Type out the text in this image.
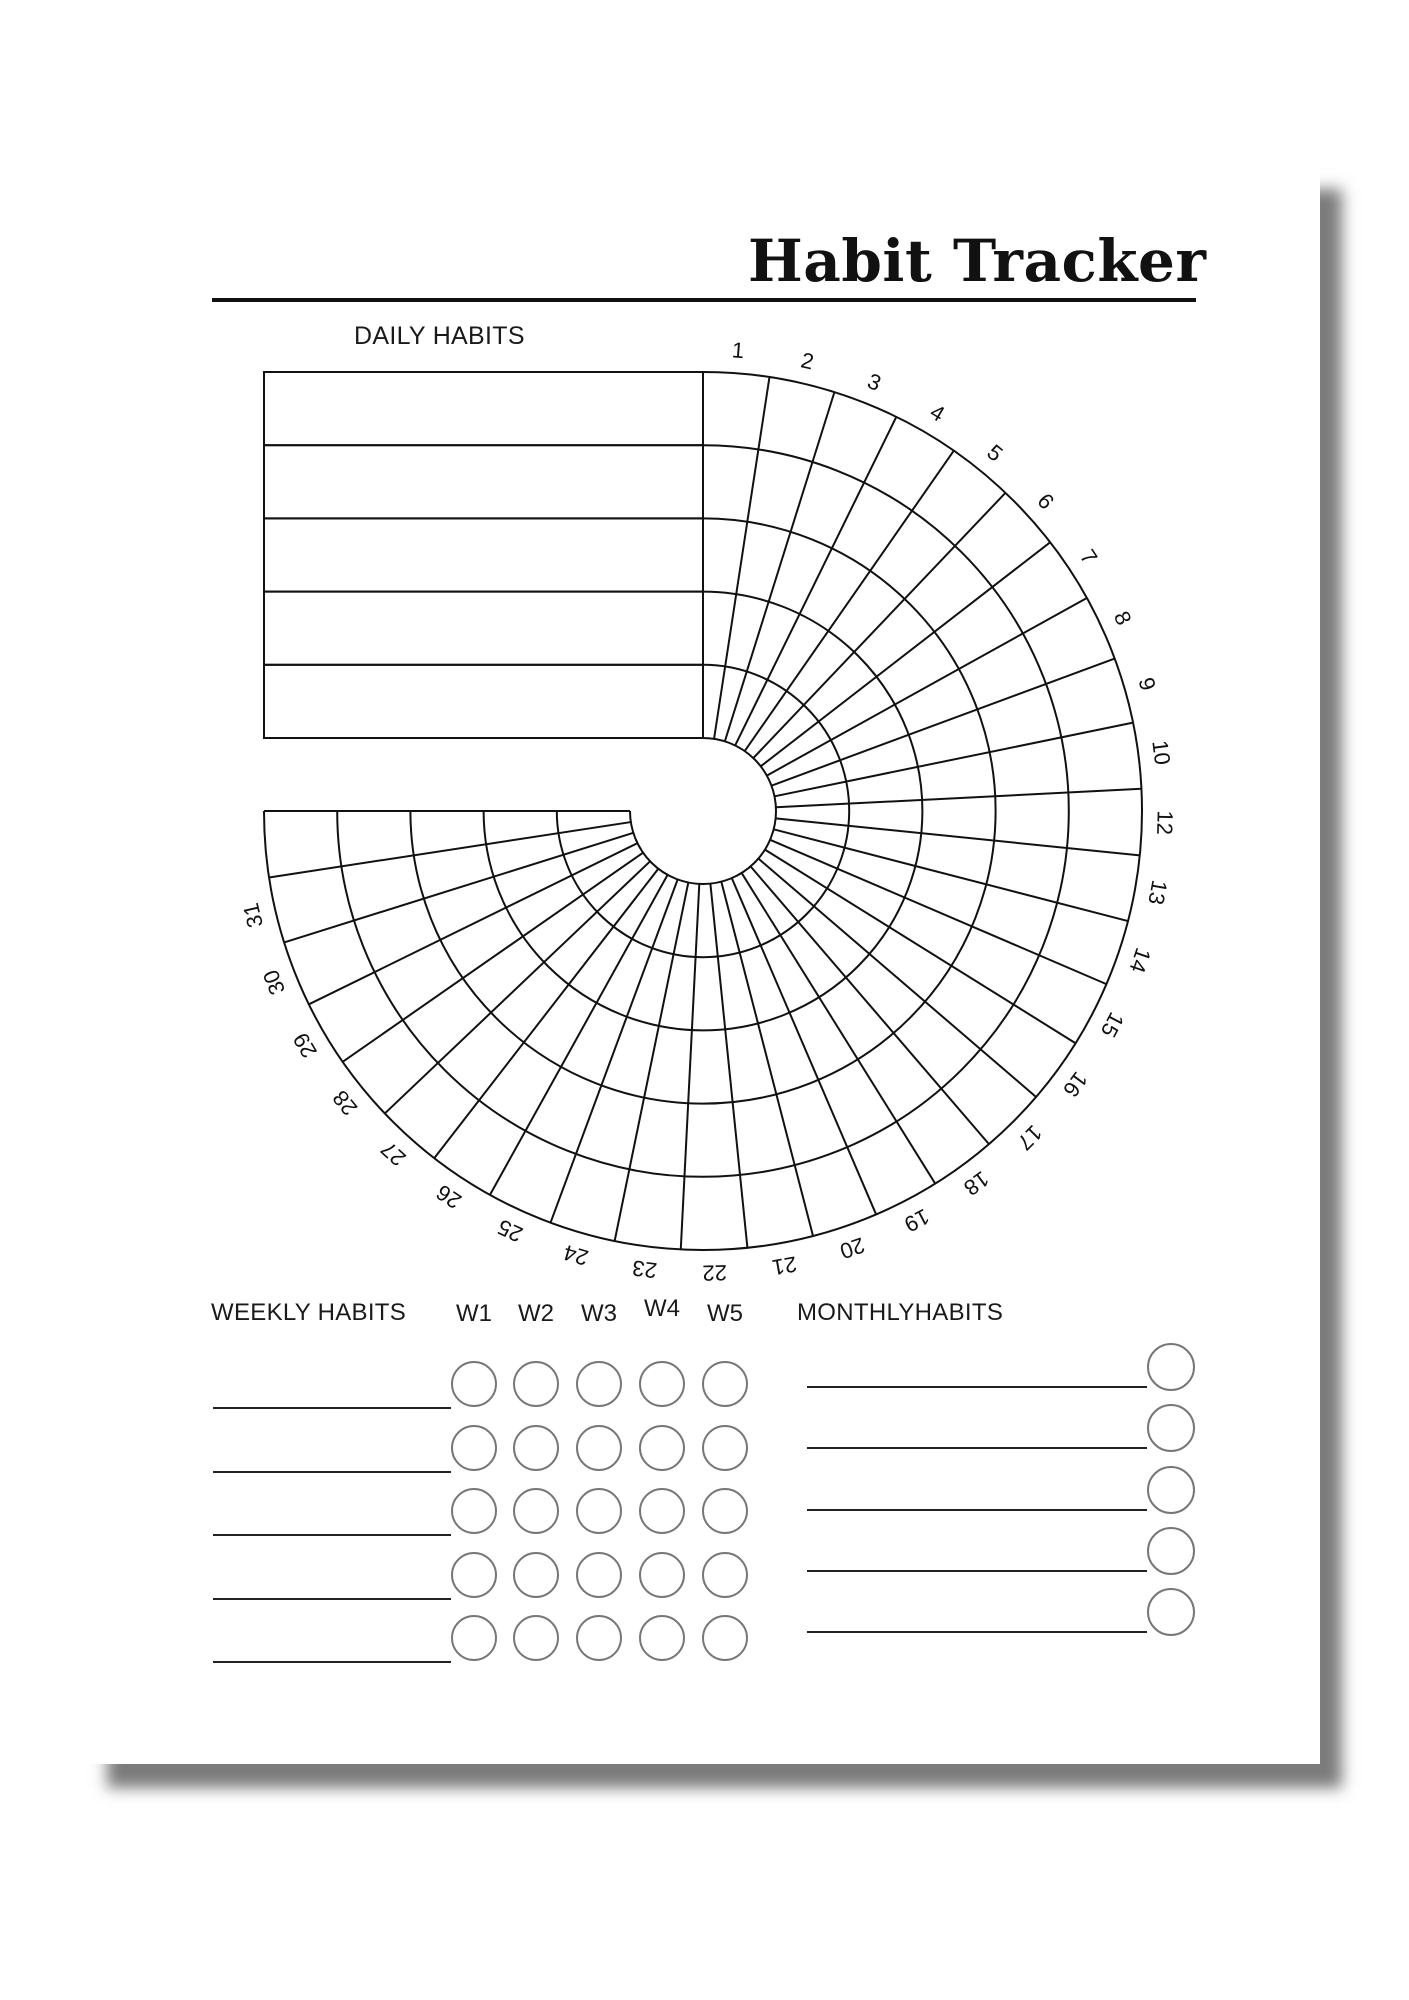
Habit Tracker
DAILY HABITS
1 2
3
4
5
6
7
8
9
10
12
13
14
15
16
17
18
19
20
21
22
23
24
25
26
27
28
29
30
31
WEEKLY HABITS	W1	W2	W3	W4	W5	MONTHLYHABITS
